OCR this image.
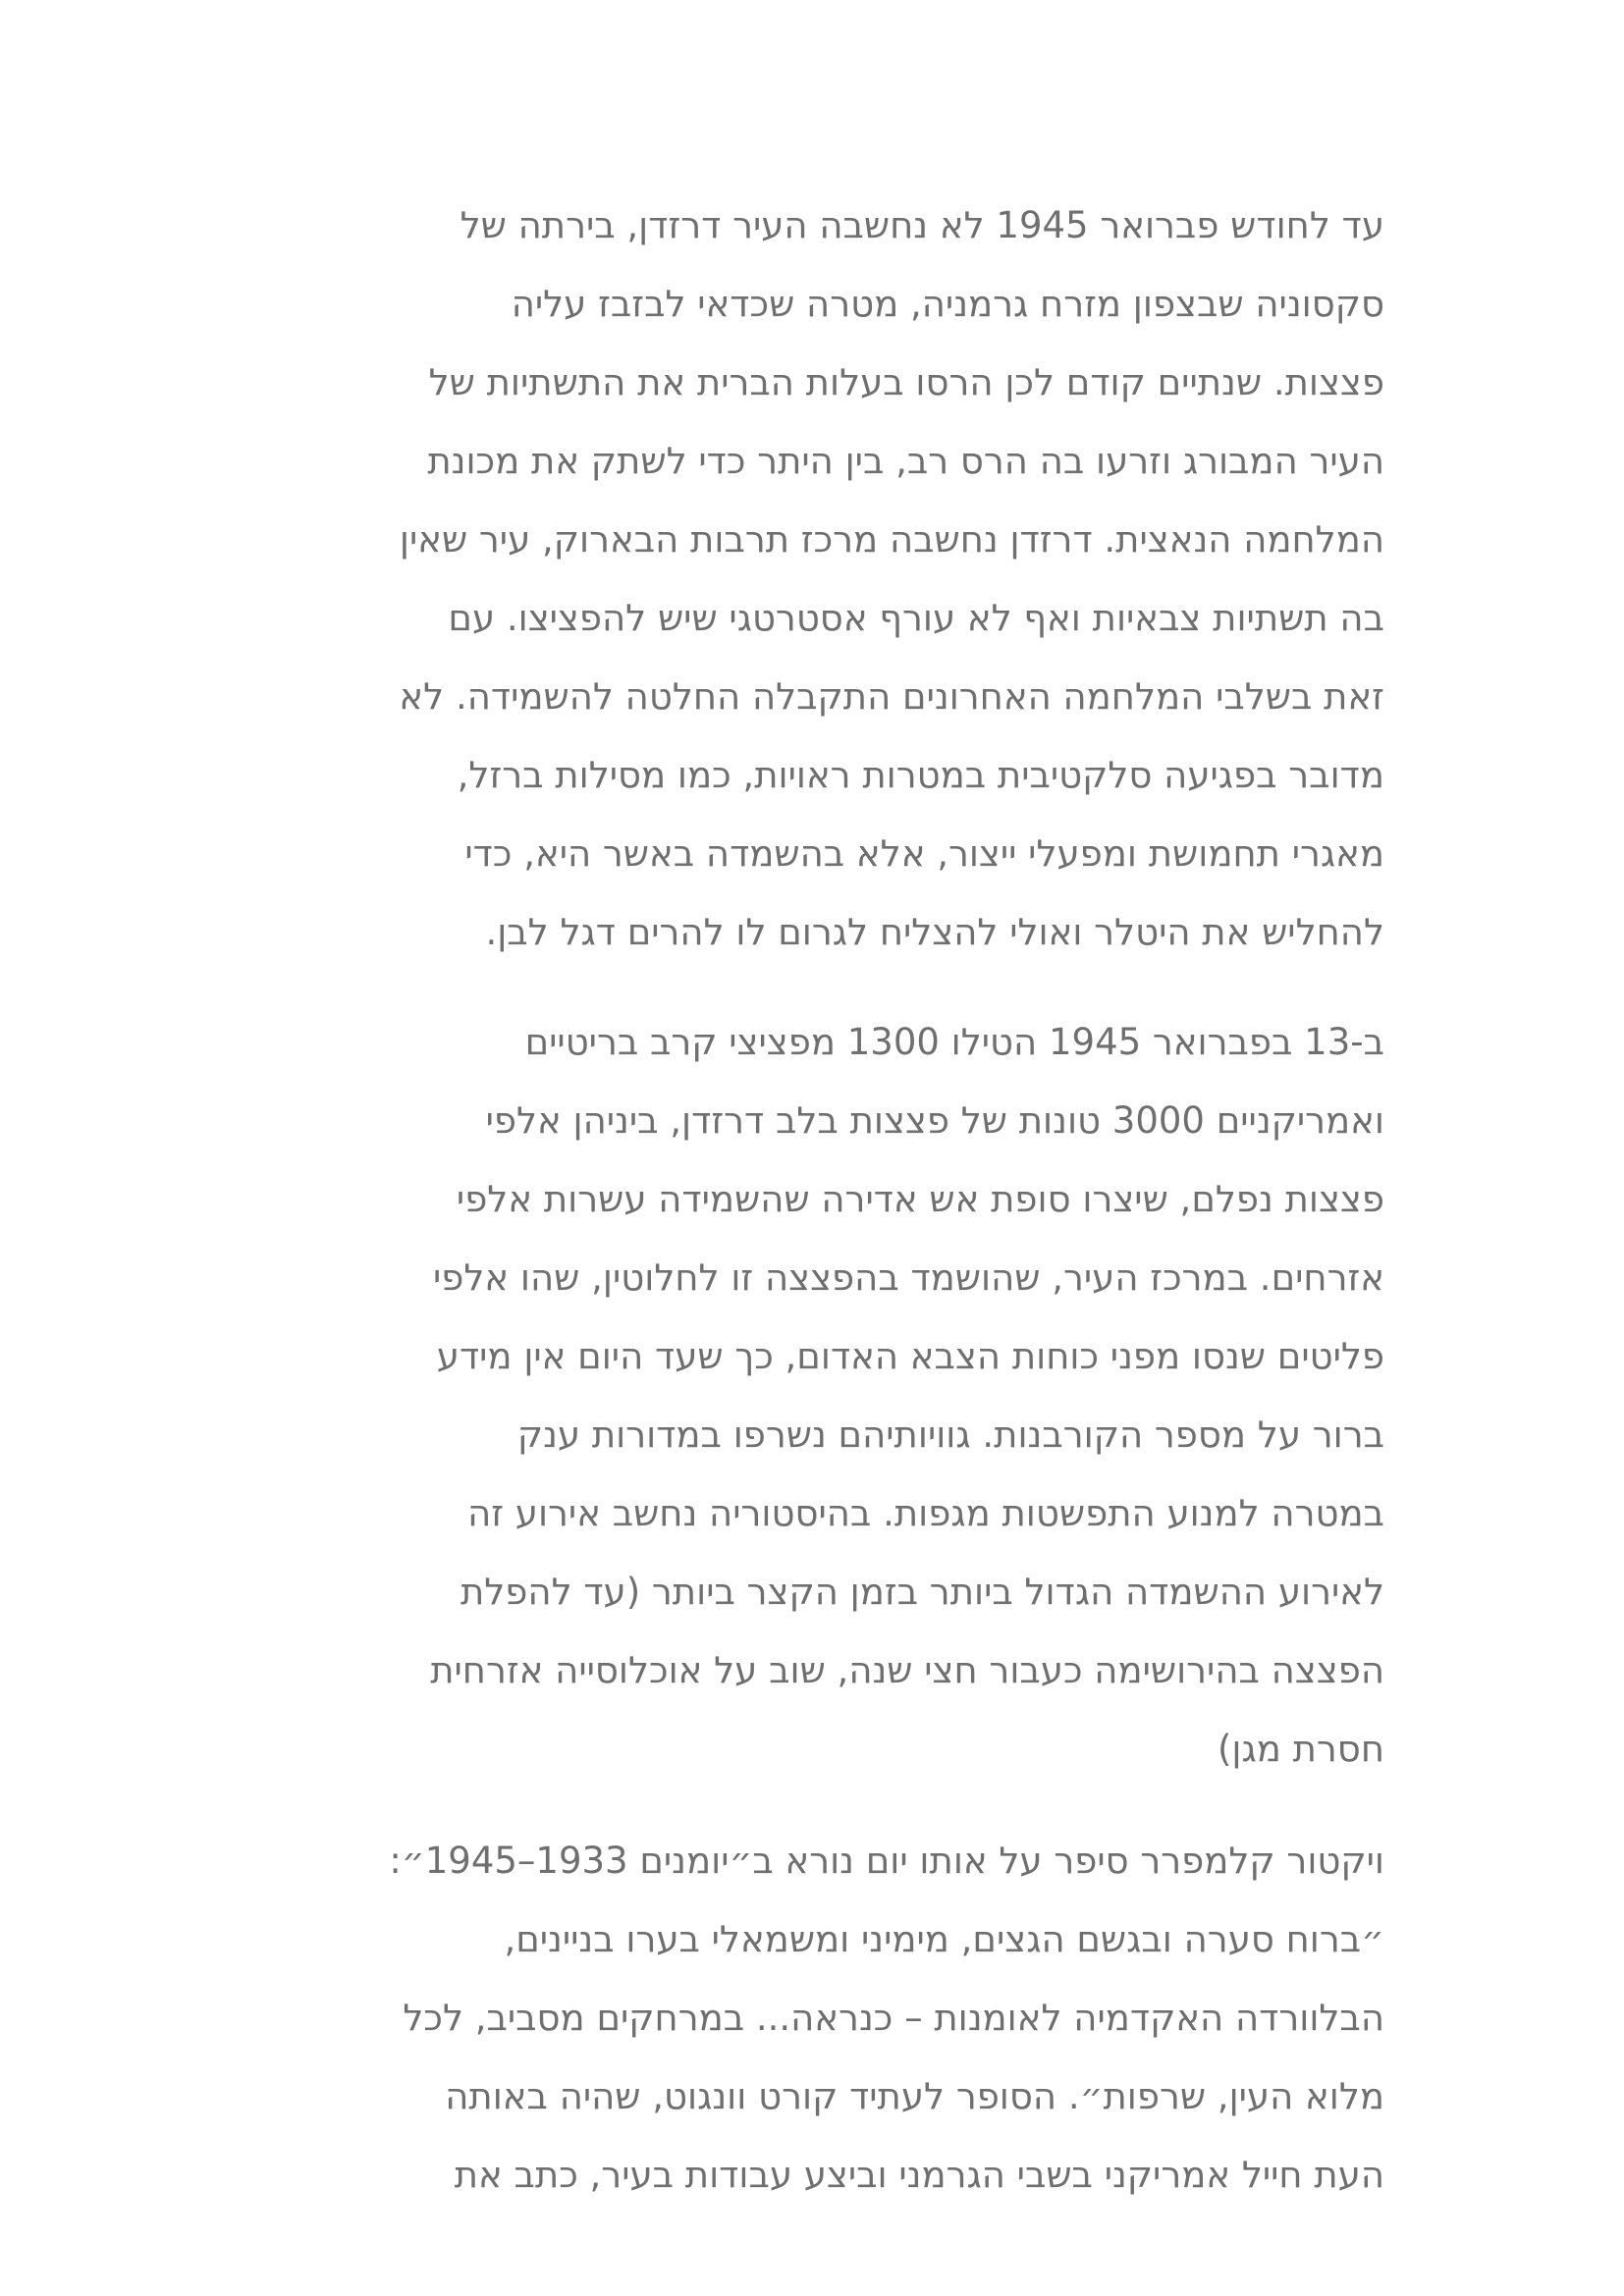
עד לחודש פברואר 1945 לא נחשבה העיר דרזדן, בירתה של
סקסוניה שבצפון מזרח גרמניה, מטרה שכדאי לבזבז עליה
פצצות. שנתיים קודם לכן הרסו בעלות הברית את התשתיות של
העיר המבורג וזרעו בה הרס רב, בין היתר כדי לשתק את מכונת
המלחמה הנאצית. דרזדן נחשבה מרכז תרבות הבארוק, עיר שאין
בה תשתיות צבאיות ואף לא עורף אסטרטגי שיש להפציצו. עם
זאת בשלבי המלחמה האחרונים התקבלה החלטה להשמידה. לא
מדובר בפגיעה סלקטיבית במטרות ראויות, כמו מסילות ברזל,
מאגרי תחמושת ומפעלי ייצור, אלא בהשמדה באשר היא, כדי
להחליש את היטלר ואולי להצליח לגרום לו להרים דגל לבן.
ב-13 בפברואר 1945 הטילו 1300 מפציצי קרב בריטיים
ואמריקניים 3000 טונות של פצצות בלב דרזדן, ביניהן אלפי
פצצות נפלם, שיצרו סופת אש אדירה שהשמידה עשרות אלפי
אזרחים. במרכז העיר, שהושמד בהפצצה זו לחלוטין, שהו אלפי
פליטים שנסו מפני כוחות הצבא האדום, כך שעד היום אין מידע
ברור על מספר הקורבנות. גוויותיהם נשרפו במדורות ענק
במטרה למנוע התפשטות מגפות. בהיסטוריה נחשב אירוע זה
לאירוע ההשמדה הגדול ביותר בזמן הקצר ביותר (עד להפלת
הפצצה בהירושימה כעבור חצי שנה, שוב על אוכלוסייה אזרחית
חסרת מגן)
ויקטור קלמפרר סיפר על אותו יום נורא ב״יומנים 1933–1945״:
״ברוח סערה ובגשם הגצים, מימיני ומשמאלי בערו בניינים,
הבלוורדה האקדמיה לאומנות – כנראה... במרחקים מסביב, לכל
מלוא העין, שרפות״. הסופר לעתיד קורט וונגוט, שהיה באותה
העת חייל אמריקני בשבי הגרמני וביצע עבודות בעיר, כתב את
